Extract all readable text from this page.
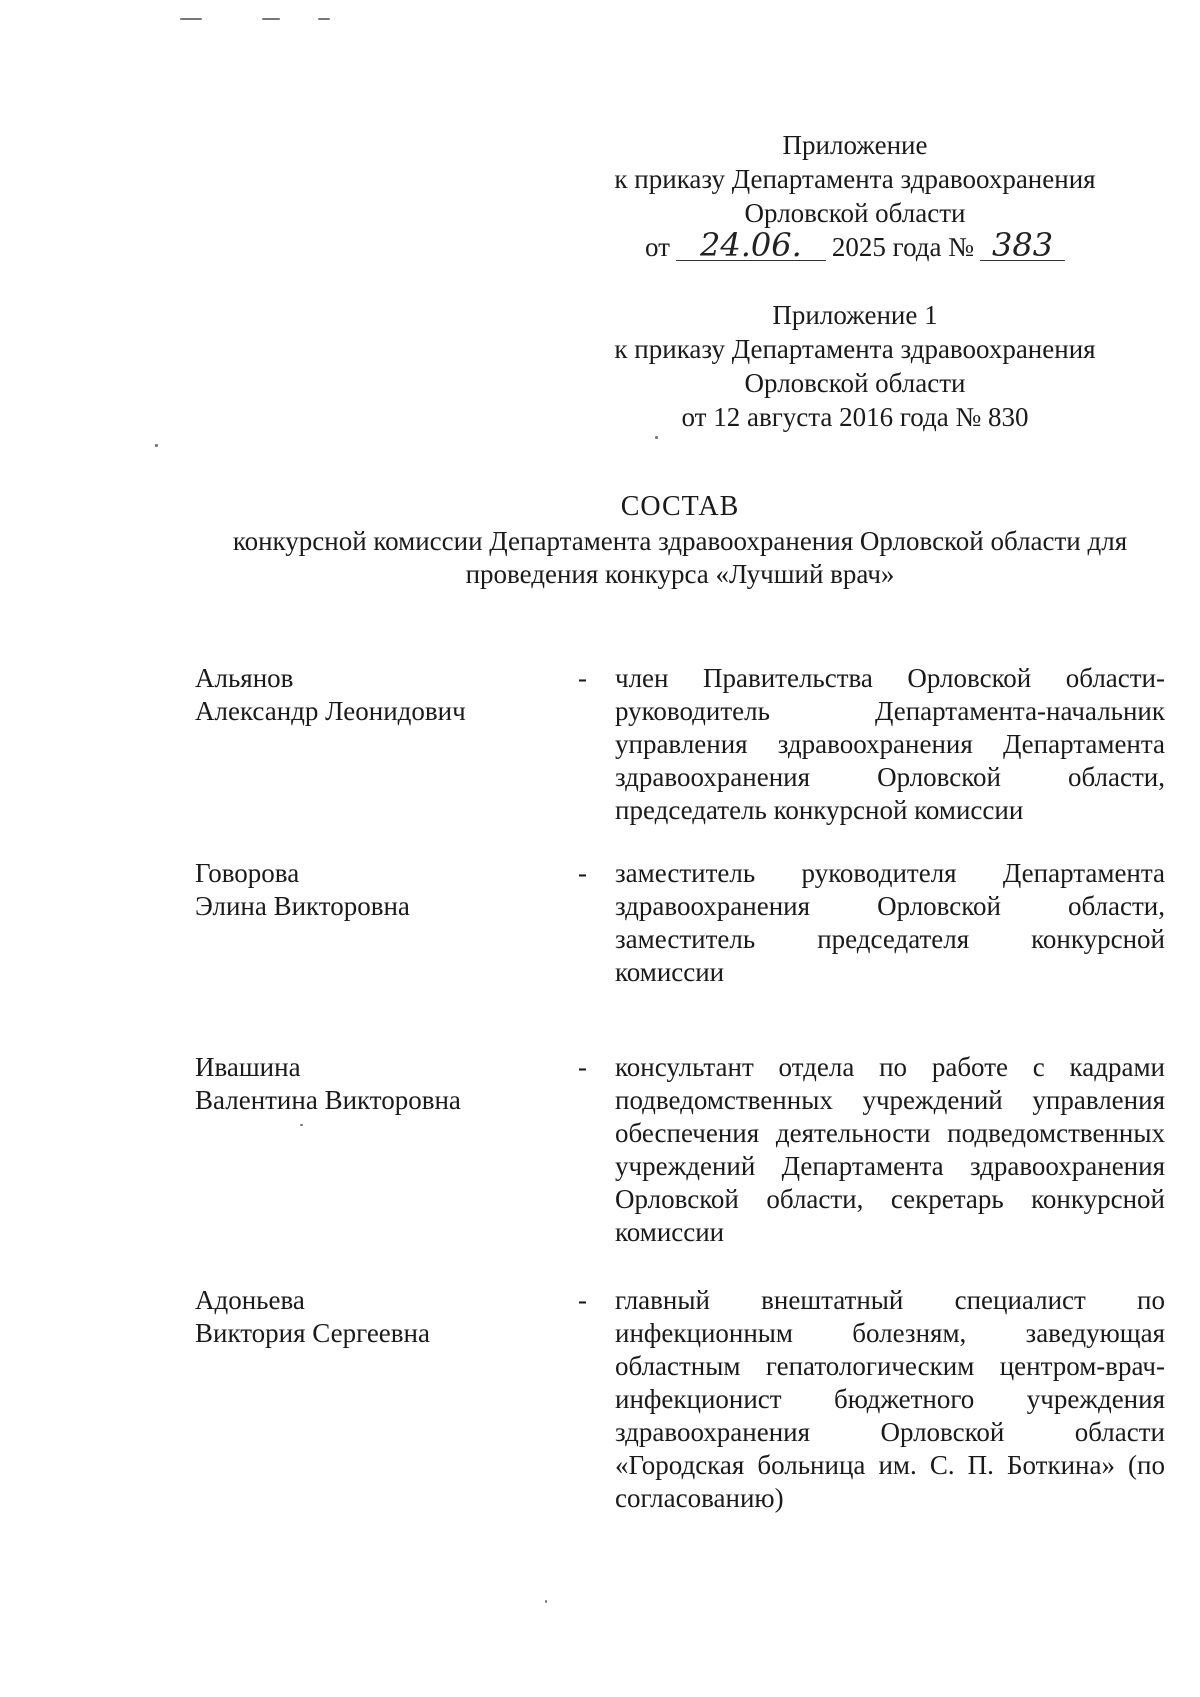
Приложение
к приказу Департамента здравоохранения
Орловской области
от 24.06.	2025 года № 383
Приложение 1
к приказу Департамента здравоохранения
Орловской области
от 12 августа 2016 года № 830
СОСТАВ
конкурсной комиссии Департамента здравоохранения Орловской области для
проведения конкурса «Лучший врач»
Альянов
Александр Леонидович
-	член Правительства Орловской области-руководитель Департамента-начальник управления здравоохранения Департамента здравоохранения Орловской области, председатель конкурсной комиссии
Говорова
Элина Викторовна
-	заместитель руководителя Департамента здравоохранения Орловской области, заместитель председателя конкурсной комиссии
Ивашина
Валентина Викторовна
-	консультант отдела по работе с кадрами подведомственных учреждений управления обеспечения деятельности подведомственных учреждений Департамента здравоохранения Орловской области, секретарь конкурсной комиссии
Адоньева
Виктория Сергеевна
-	главный внештатный специалист по инфекционным болезням, заведующая областным гепатологическим центром-врач-инфекционист бюджетного учреждения здравоохранения Орловской области «Городская больница им. С. П. Боткина» (по согласованию)
